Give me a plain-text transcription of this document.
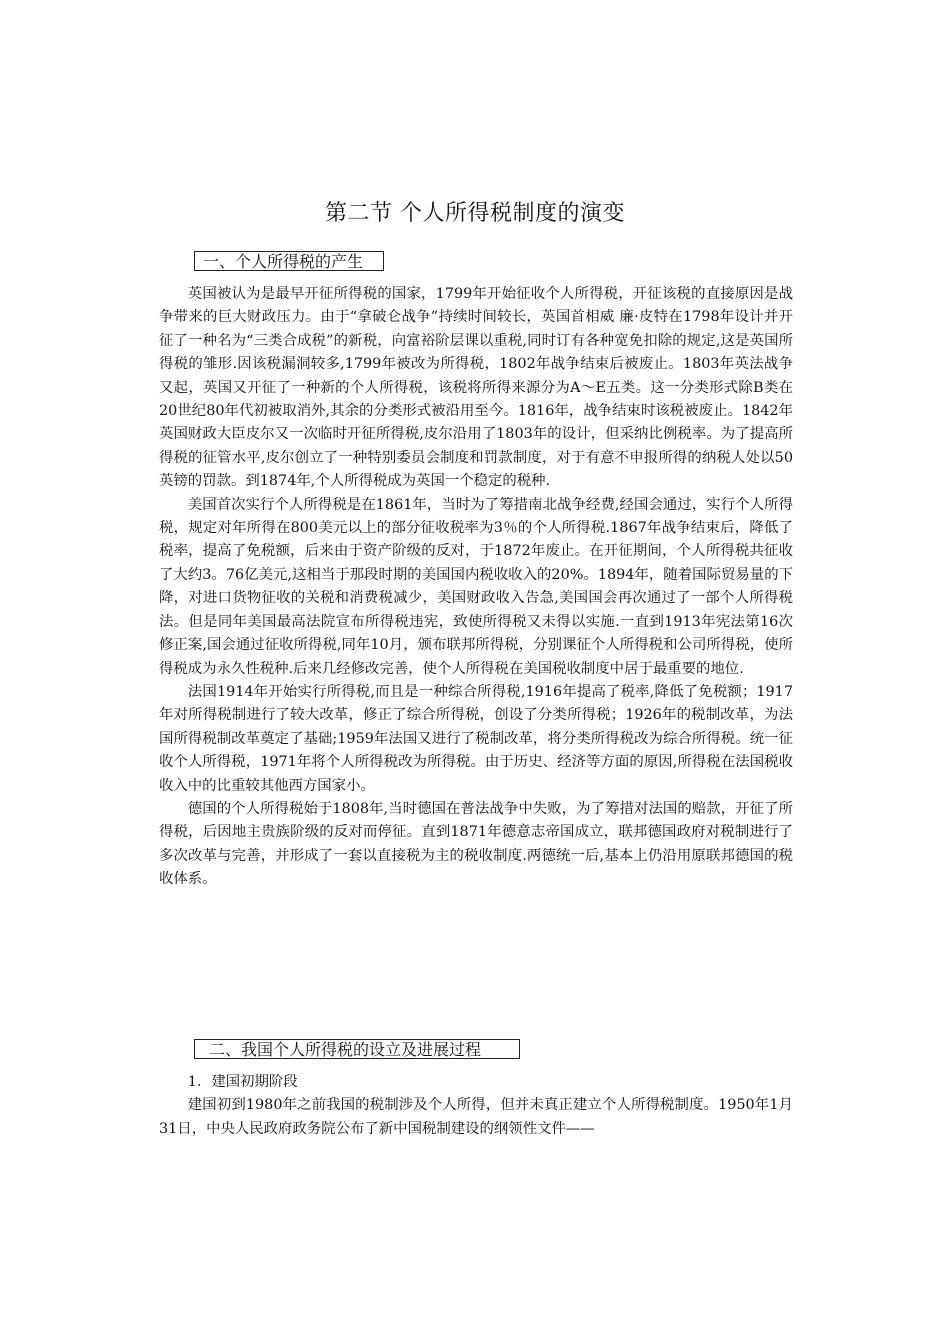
第二节 个人所得税制度的演变
一、个人所得税的产生

英国被认为是最早开征所得税的国家，1799年开始征收个人所得税，开征该税的直接原因是战争带来的巨大财政压力。由于“拿破仑战争”持续时间较长，英国首相威 廉·皮特在1798年设计并开征了一种名为“三类合成税”的新税，向富裕阶层课以重税,同时订有各种宽免扣除的规定,这是英国所得税的雏形.因该税漏洞较多,1799年被改为所得税，1802年战争结束后被废止。1803年英法战争又起，英国又开征了一种新的个人所得税，该税将所得来源分为A～E五类。这一分类形式除B类在20世纪80年代初被取消外,其余的分类形式被沿用至今。1816年，战争结束时该税被废止。1842年英国财政大臣皮尔又一次临时开征所得税,皮尔沿用了1803年的设计，但采纳比例税率。为了提高所得税的征管水平,皮尔创立了一种特别委员会制度和罚款制度，对于有意不申报所得的纳税人处以50英镑的罚款。到1874年,个人所得税成为英国一个稳定的税种.

美国首次实行个人所得税是在1861年，当时为了筹措南北战争经费,经国会通过，实行个人所得税，规定对年所得在800美元以上的部分征收税率为3％的个人所得税.1867年战争结束后，降低了税率，提高了免税额，后来由于资产阶级的反对，于1872年废止。在开征期间，个人所得税共征收了大约3。76亿美元,这相当于那段时期的美国国内税收收入的20%。1894年，随着国际贸易量的下降，对进口货物征收的关税和消费税减少，美国财政收入告急,美国国会再次通过了一部个人所得税法。但是同年美国最高法院宣布所得税违宪，致使所得税又未得以实施.一直到1913年宪法第16次修正案,国会通过征收所得税,同年10月，颁布联邦所得税，分别课征个人所得税和公司所得税，使所得税成为永久性税种.后来几经修改完善，使个人所得税在美国税收制度中居于最重要的地位.

法国1914年开始实行所得税,而且是一种综合所得税,1916年提高了税率,降低了免税额；1917年对所得税制进行了较大改革，修正了综合所得税，创设了分类所得税；1926年的税制改革，为法国所得税制改革奠定了基础;1959年法国又进行了税制改革，将分类所得税改为综合所得税。统一征收个人所得税，1971年将个人所得税改为所得税。由于历史、经济等方面的原因,所得税在法国税收收入中的比重较其他西方国家小。

德国的个人所得税始于1808年,当时德国在普法战争中失败，为了筹措对法国的赔款，开征了所得税，后因地主贵族阶级的反对而停征。直到1871年德意志帝国成立，联邦德国政府对税制进行了多次改革与完善，并形成了一套以直接税为主的税收制度.两德统一后,基本上仍沿用原联邦德国的税收体系。

二、我国个人所得税的设立及进展过程

1．建国初期阶段

建国初到1980年之前我国的税制涉及个人所得，但并未真正建立个人所得税制度。1950年1月31日，中央人民政府政务院公布了新中国税制建设的纲领性文件——
